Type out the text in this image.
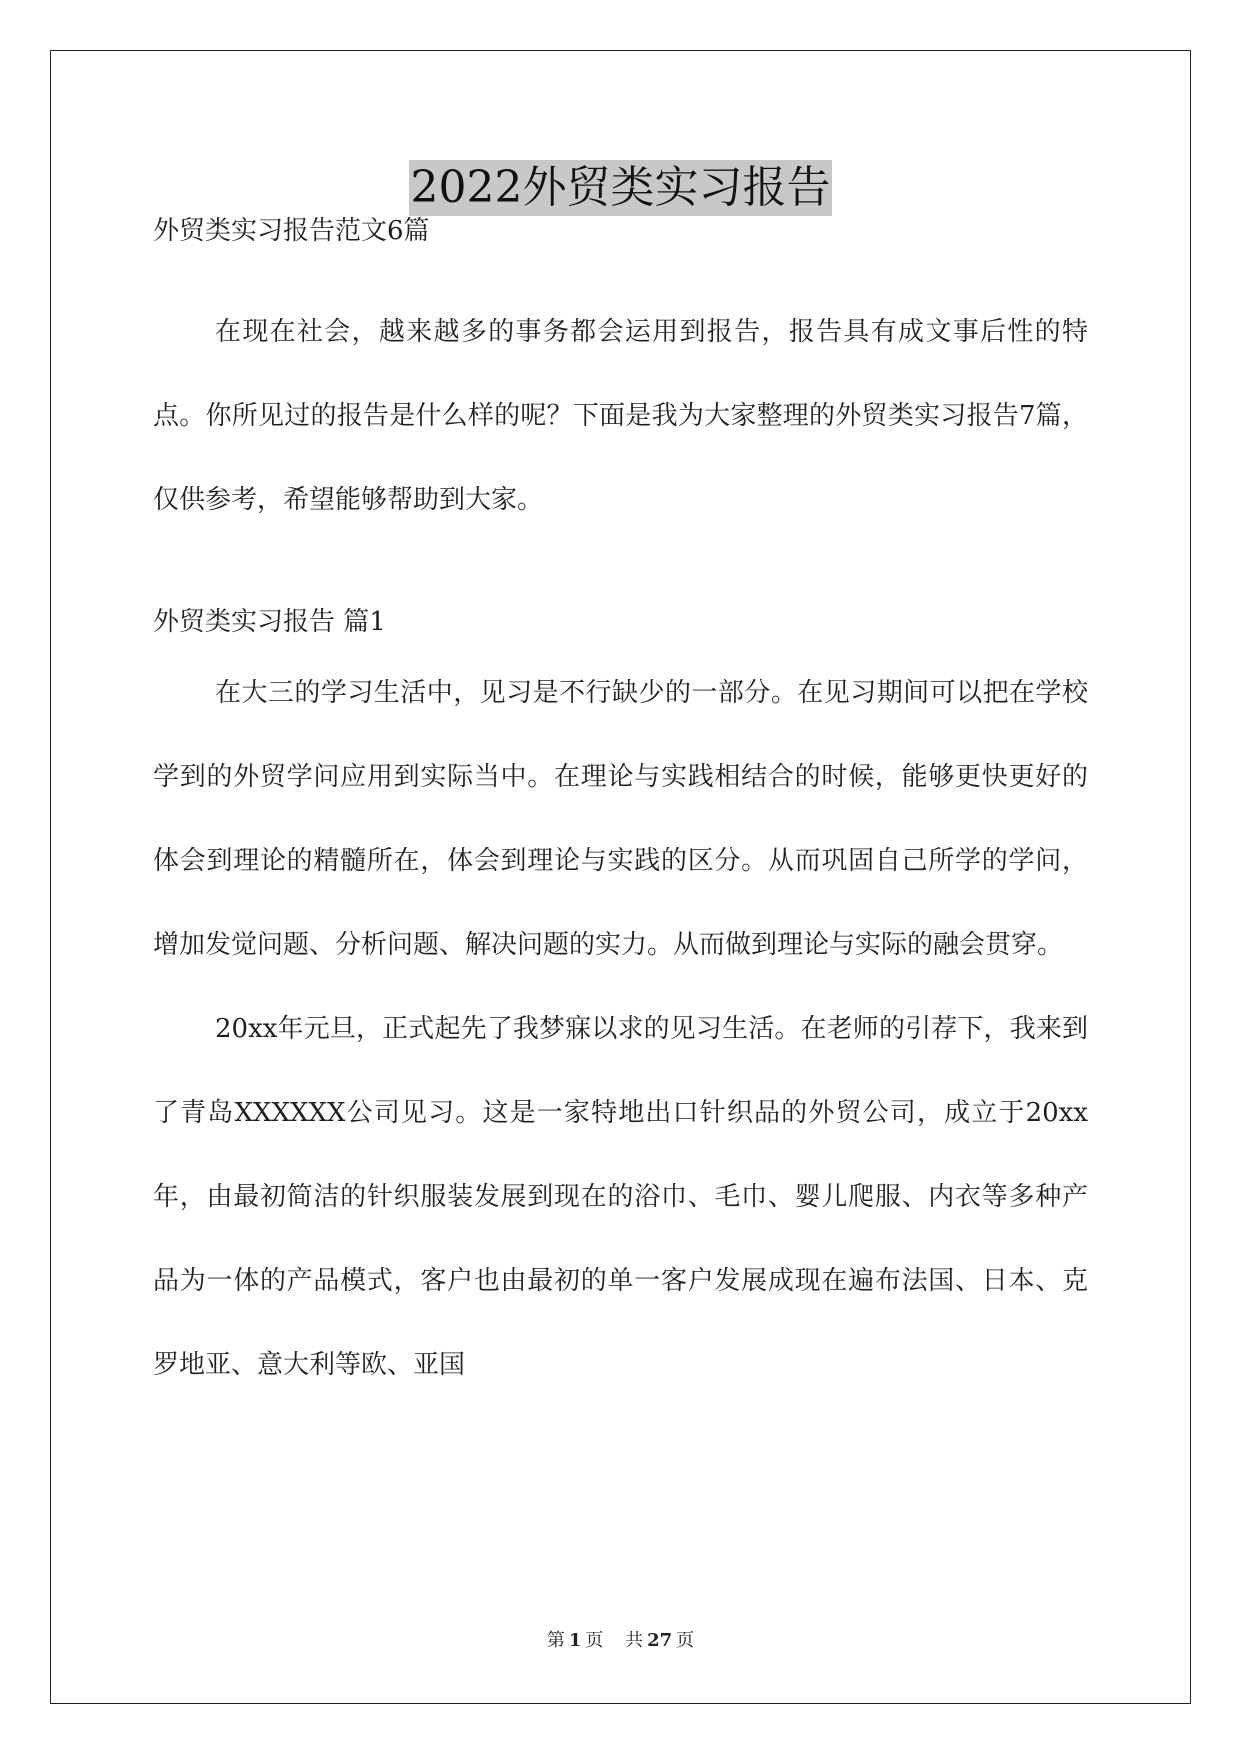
2022外贸类实习报告
外贸类实习报告范文6篇

在现在社会，越来越多的事务都会运用到报告，报告具有成文事后性的特点。你所见过的报告是什么样的呢？下面是我为大家整理的外贸类实习报告7篇，仅供参考，希望能够帮助到大家。

外贸类实习报告 篇1

在大三的学习生活中，见习是不行缺少的一部分。在见习期间可以把在学校学到的外贸学问应用到实际当中。在理论与实践相结合的时候，能够更快更好的体会到理论的精髓所在，体会到理论与实践的区分。从而巩固自己所学的学问，增加发觉问题、分析问题、解决问题的实力。从而做到理论与实际的融会贯穿。

20xx年元旦，正式起先了我梦寐以求的见习生活。在老师的引荐下，我来到了青岛XXXXXX公司见习。这是一家特地出口针织品的外贸公司，成立于20xx年，由最初简洁的针织服装发展到现在的浴巾、毛巾、婴儿爬服、内衣等多种产品为一体的产品模式，客户也由最初的单一客户发展成现在遍布法国、日本、克罗地亚、意大利等欧、亚国

第 1 页 共 27 页
